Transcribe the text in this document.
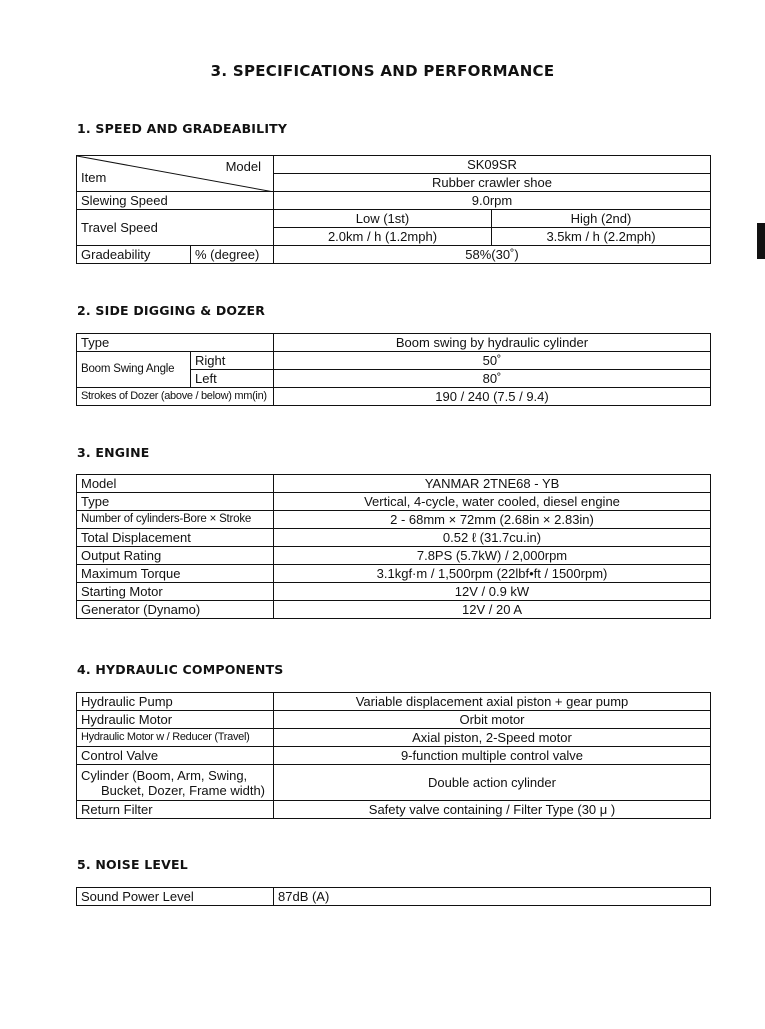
3. SPECIFICATIONS AND PERFORMANCE
1. SPEED AND GRADEABILITY
Model
Item		SK09SR	
		Rubber crawler shoe	
Slewing Speed		9.0rpm	
Travel Speed		Low (1st)	High (2nd)
		2.0km / h (1.2mph)	3.5km / h (2.2mph)
Gradeability	% (degree)	58%(30˚)	
2. SIDE DIGGING & DOZER
Type		Boom swing by hydraulic cylinder
Boom Swing Angle	Right	50˚
	Left	80˚
Strokes of Dozer (above / below) mm(in)		190 / 240 (7.5 / 9.4)
3. ENGINE
Model	YANMAR 2TNE68 - YB
Type	Vertical, 4-cycle, water cooled, diesel engine
Number of cylinders-Bore × Stroke	2 - 68mm × 72mm (2.68in × 2.83in)
Total Displacement	0.52 ℓ (31.7cu.in)
Output Rating	7.8PS (5.7kW) / 2,000rpm
Maximum Torque	3.1kgf·m / 1,500rpm (22lbf•ft / 1500rpm)
Starting Motor	12V / 0.9 kW
Generator (Dynamo)	12V / 20 A
4. HYDRAULIC COMPONENTS
Hydraulic Pump	Variable displacement axial piston + gear pump
Hydraulic Motor	Orbit motor
Hydraulic Motor w / Reducer (Travel)	Axial piston, 2-Speed motor
Control Valve	9-function multiple control valve

Cylinder (Boom, Arm, Swing,
Bucket, Dozer, Frame width)	Double action cylinder
Return Filter	Safety valve containing / Filter Type (30 μ )
5. NOISE LEVEL
Sound Power Level	87dB (A)
